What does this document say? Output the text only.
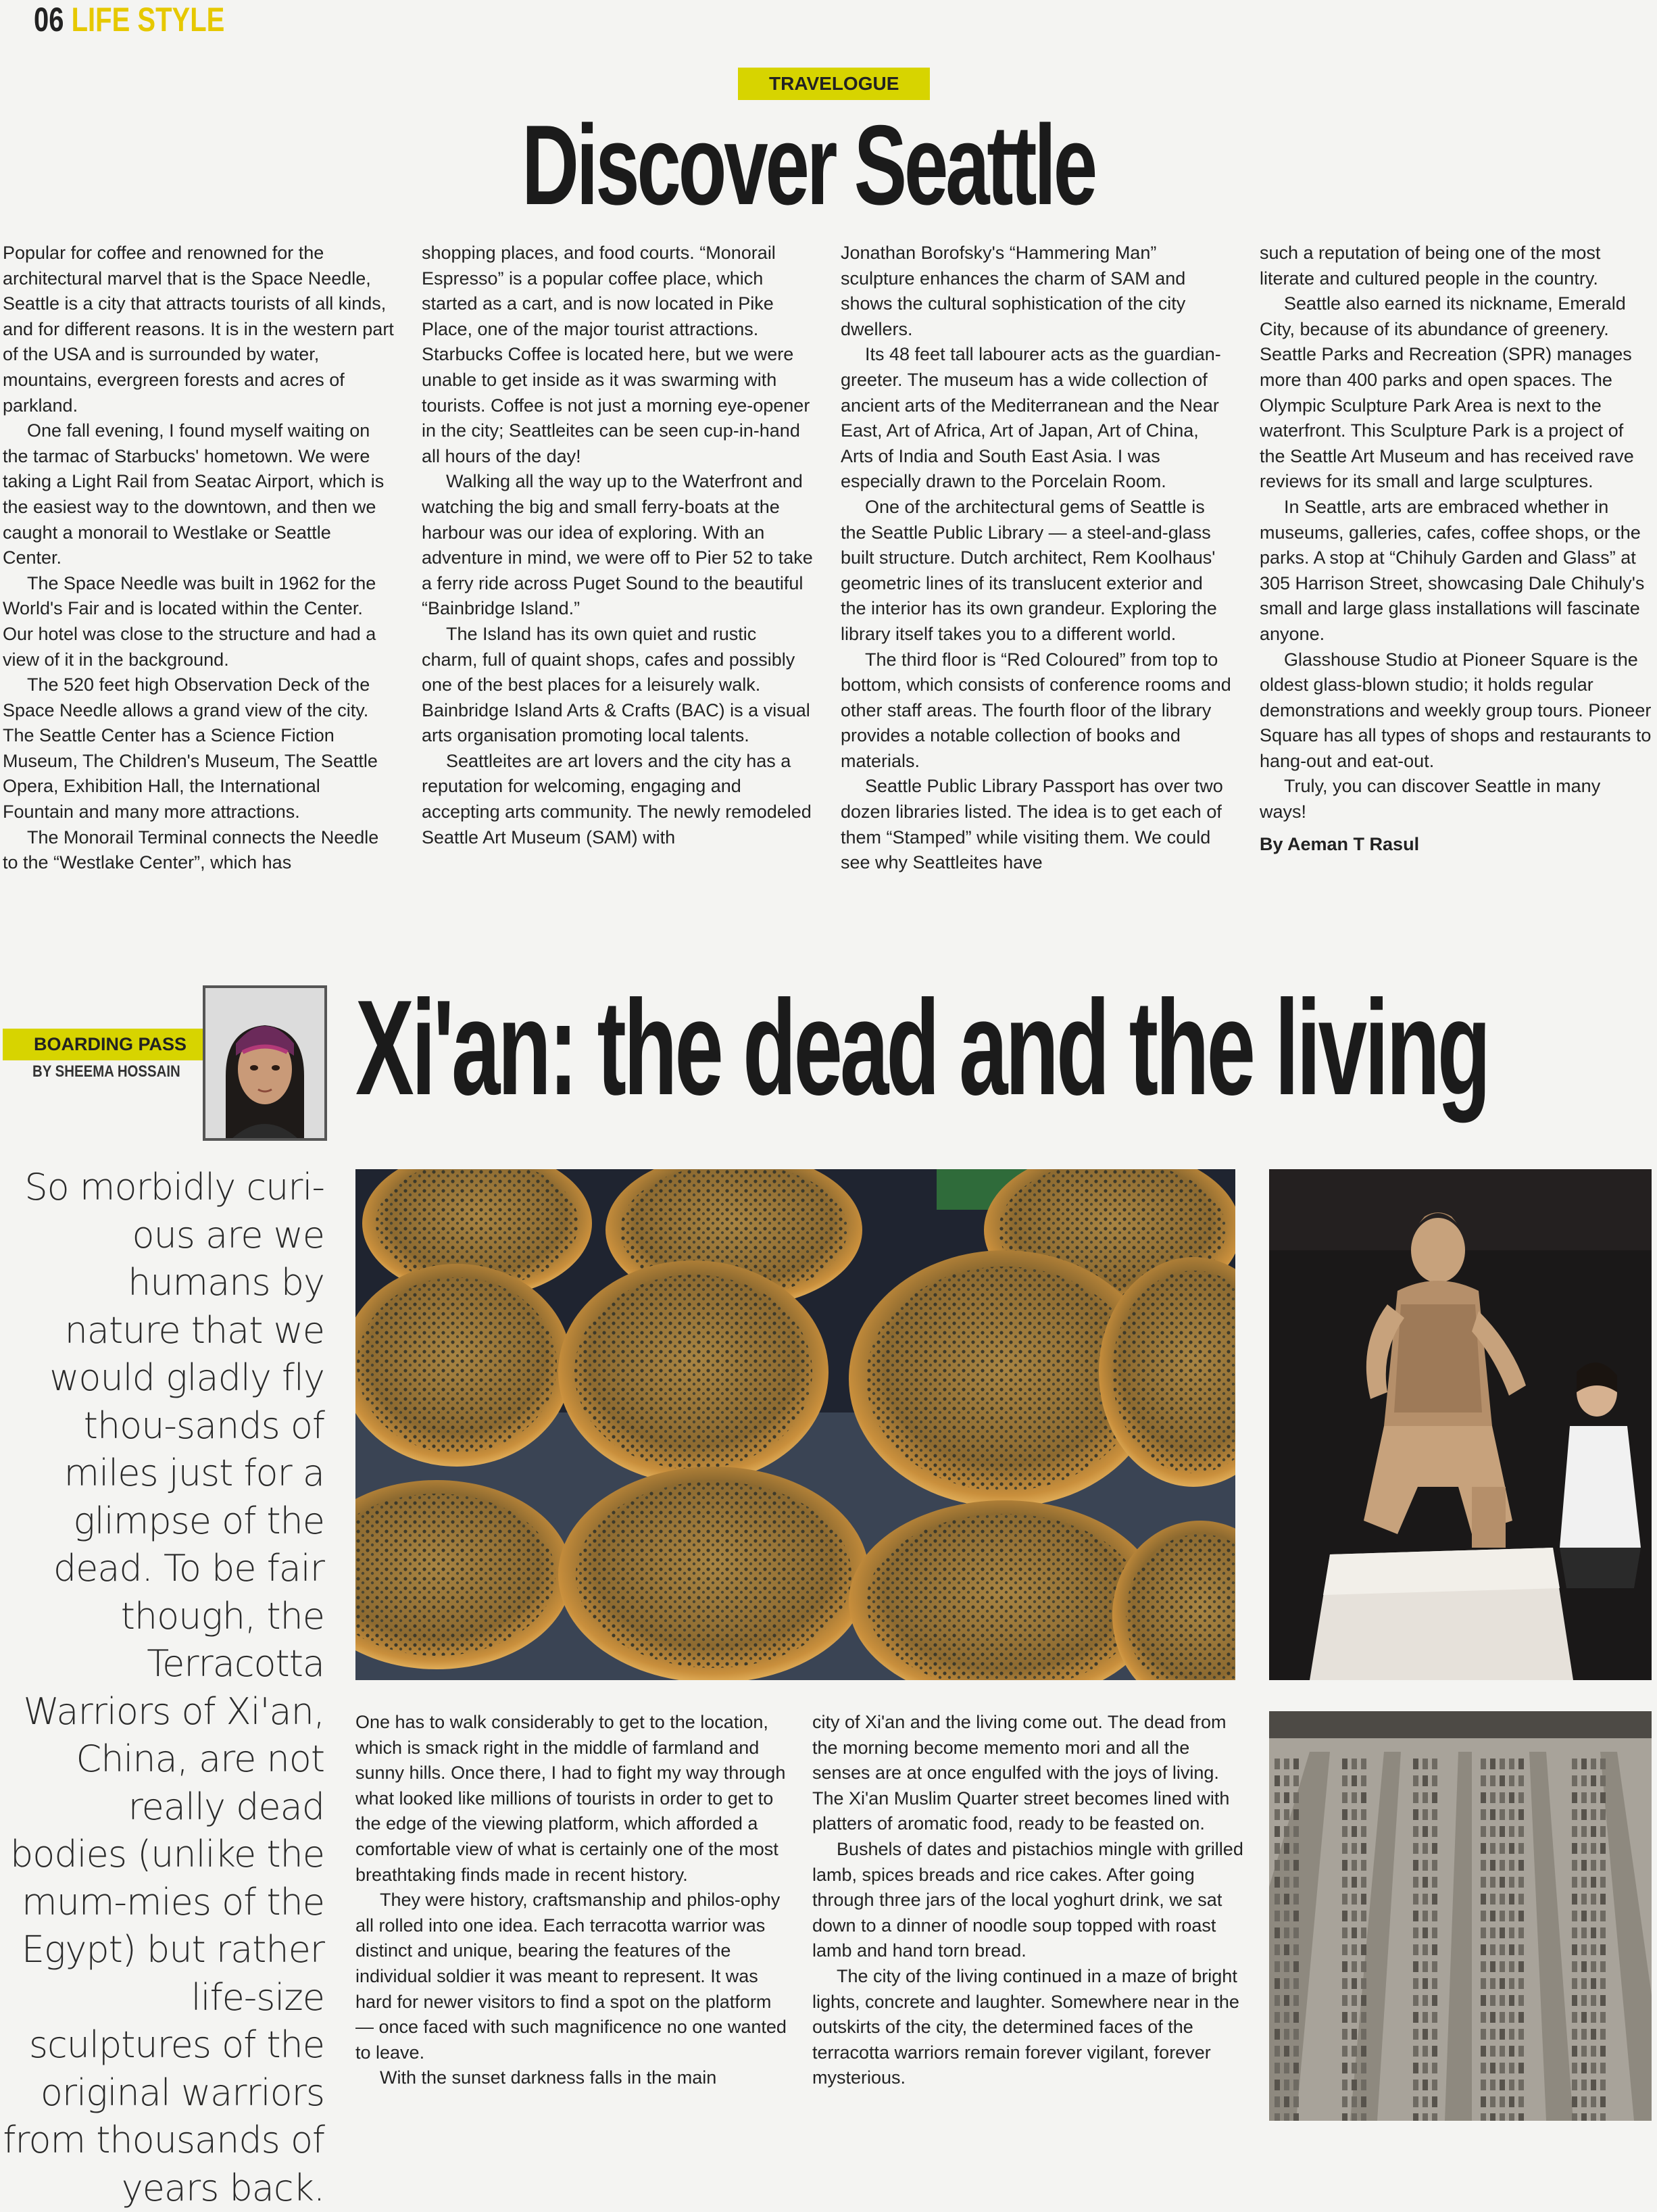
06 LIFE STYLE
TRAVELOGUE
Discover Seattle

Popular for coffee and renowned for the architectural marvel that is the Space Needle, Seattle is a city that attracts tourists of all kinds, and for different reasons. It is in the western part of the USA and is surrounded by water, mountains, evergreen forests and acres of parkland.

One fall evening, I found myself waiting on the tarmac of Starbucks' hometown. We were taking a Light Rail from Seatac Airport, which is the easiest way to the downtown, and then we caught a monorail to Westlake or Seattle Center.

The Space Needle was built in 1962 for the World's Fair and is located within the Center. Our hotel was close to the structure and had a view of it in the background.

The 520 feet high Observation Deck of the Space Needle allows a grand view of the city. The Seattle Center has a Science Fiction Museum, The Children's Museum, The Seattle Opera, Exhibition Hall, the International Fountain and many more attractions.

The Monorail Terminal connects the Needle to the “Westlake Center”, which has

shopping places, and food courts. “Monorail Espresso” is a popular coffee place, which started as a cart, and is now located in Pike Place, one of the major tourist attractions. Starbucks Coffee is located here, but we were unable to get inside as it was swarming with tourists. Coffee is not just a morning eye-opener in the city; Seattleites can be seen cup-in-hand all hours of the day!

Walking all the way up to the Waterfront and watching the big and small ferry-boats at the harbour was our idea of exploring. With an adventure in mind, we were off to Pier 52 to take a ferry ride across Puget Sound to the beautiful “Bainbridge Island.”

The Island has its own quiet and rustic charm, full of quaint shops, cafes and possibly one of the best places for a leisurely walk. Bainbridge Island Arts & Crafts (BAC) is a visual arts organisation promoting local talents.

Seattleites are art lovers and the city has a reputation for welcoming, engaging and accepting arts community. The newly remodeled Seattle Art Museum (SAM) with

Jonathan Borofsky's “Hammering Man” sculpture enhances the charm of SAM and shows the cultural sophistication of the city dwellers.

Its 48 feet tall labourer acts as the guardian-greeter. The museum has a wide collection of ancient arts of the Mediterranean and the Near East, Art of Africa, Art of Japan, Art of China, Arts of India and South East Asia. I was especially drawn to the Porcelain Room.

One of the architectural gems of Seattle is the Seattle Public Library — a steel-and-glass built structure. Dutch architect, Rem Koolhaus' geometric lines of its translucent exterior and the interior has its own grandeur. Exploring the library itself takes you to a different world.

The third floor is “Red Coloured” from top to bottom, which consists of conference rooms and other staff areas. The fourth floor of the library provides a notable collection of books and materials.

Seattle Public Library Passport has over two dozen libraries listed. The idea is to get each of them “Stamped” while visiting them. We could see why Seattleites have

such a reputation of being one of the most literate and cultured people in the country.

Seattle also earned its nickname, Emerald City, because of its abundance of greenery. Seattle Parks and Recreation (SPR) manages more than 400 parks and open spaces. The Olympic Sculpture Park Area is next to the waterfront. This Sculpture Park is a project of the Seattle Art Museum and has received rave reviews for its small and large sculptures.

In Seattle, arts are embraced whether in museums, galleries, cafes, coffee shops, or the parks. A stop at “Chihuly Garden and Glass” at 305 Harrison Street, showcasing Dale Chihuly's small and large glass installations will fascinate anyone.

Glasshouse Studio at Pioneer Square is the oldest glass-blown studio; it holds regular demonstrations and weekly group tours. Pioneer Square has all types of shops and restaurants to hang-out and eat-out.

Truly, you can discover Seattle in many ways!

By Aeman T Rasul

BOARDING PASS
BY SHEEMA HOSSAIN Xi'an: the dead and the living
So morbidly curi-ous are we humans by nature that we would gladly fly thou-sands of miles just for a glimpse of the dead. To be fair though, the Terracotta Warriors of Xi'an, China, are not really dead bodies (unlike the mum-mies of the Egypt) but rather life-size sculptures of the original warriors from thousands of years back.

One has to walk considerably to get to the location, which is smack right in the middle of farmland and sunny hills. Once there, I had to fight my way through what looked like millions of tourists in order to get to the edge of the viewing platform, which afforded a comfortable view of what is certainly one of the most breathtaking finds made in recent history.

They were history, craftsmanship and philos-ophy all rolled into one idea. Each terracotta warrior was distinct and unique, bearing the features of the individual soldier it was meant to represent. It was hard for newer visitors to find a spot on the platform — once faced with such magnificence no one wanted to leave.

With the sunset darkness falls in the main

city of Xi'an and the living come out. The dead from the morning become memento mori and all the senses are at once engulfed with the joys of living. The Xi'an Muslim Quarter street becomes lined with platters of aromatic food, ready to be feasted on.

Bushels of dates and pistachios mingle with grilled lamb, spices breads and rice cakes. After going through three jars of the local yoghurt drink, we sat down to a dinner of noodle soup topped with roast lamb and hand torn bread.

The city of the living continued in a maze of bright lights, concrete and laughter. Somewhere near in the outskirts of the city, the determined faces of the terracotta warriors remain forever vigilant, forever mysterious.
